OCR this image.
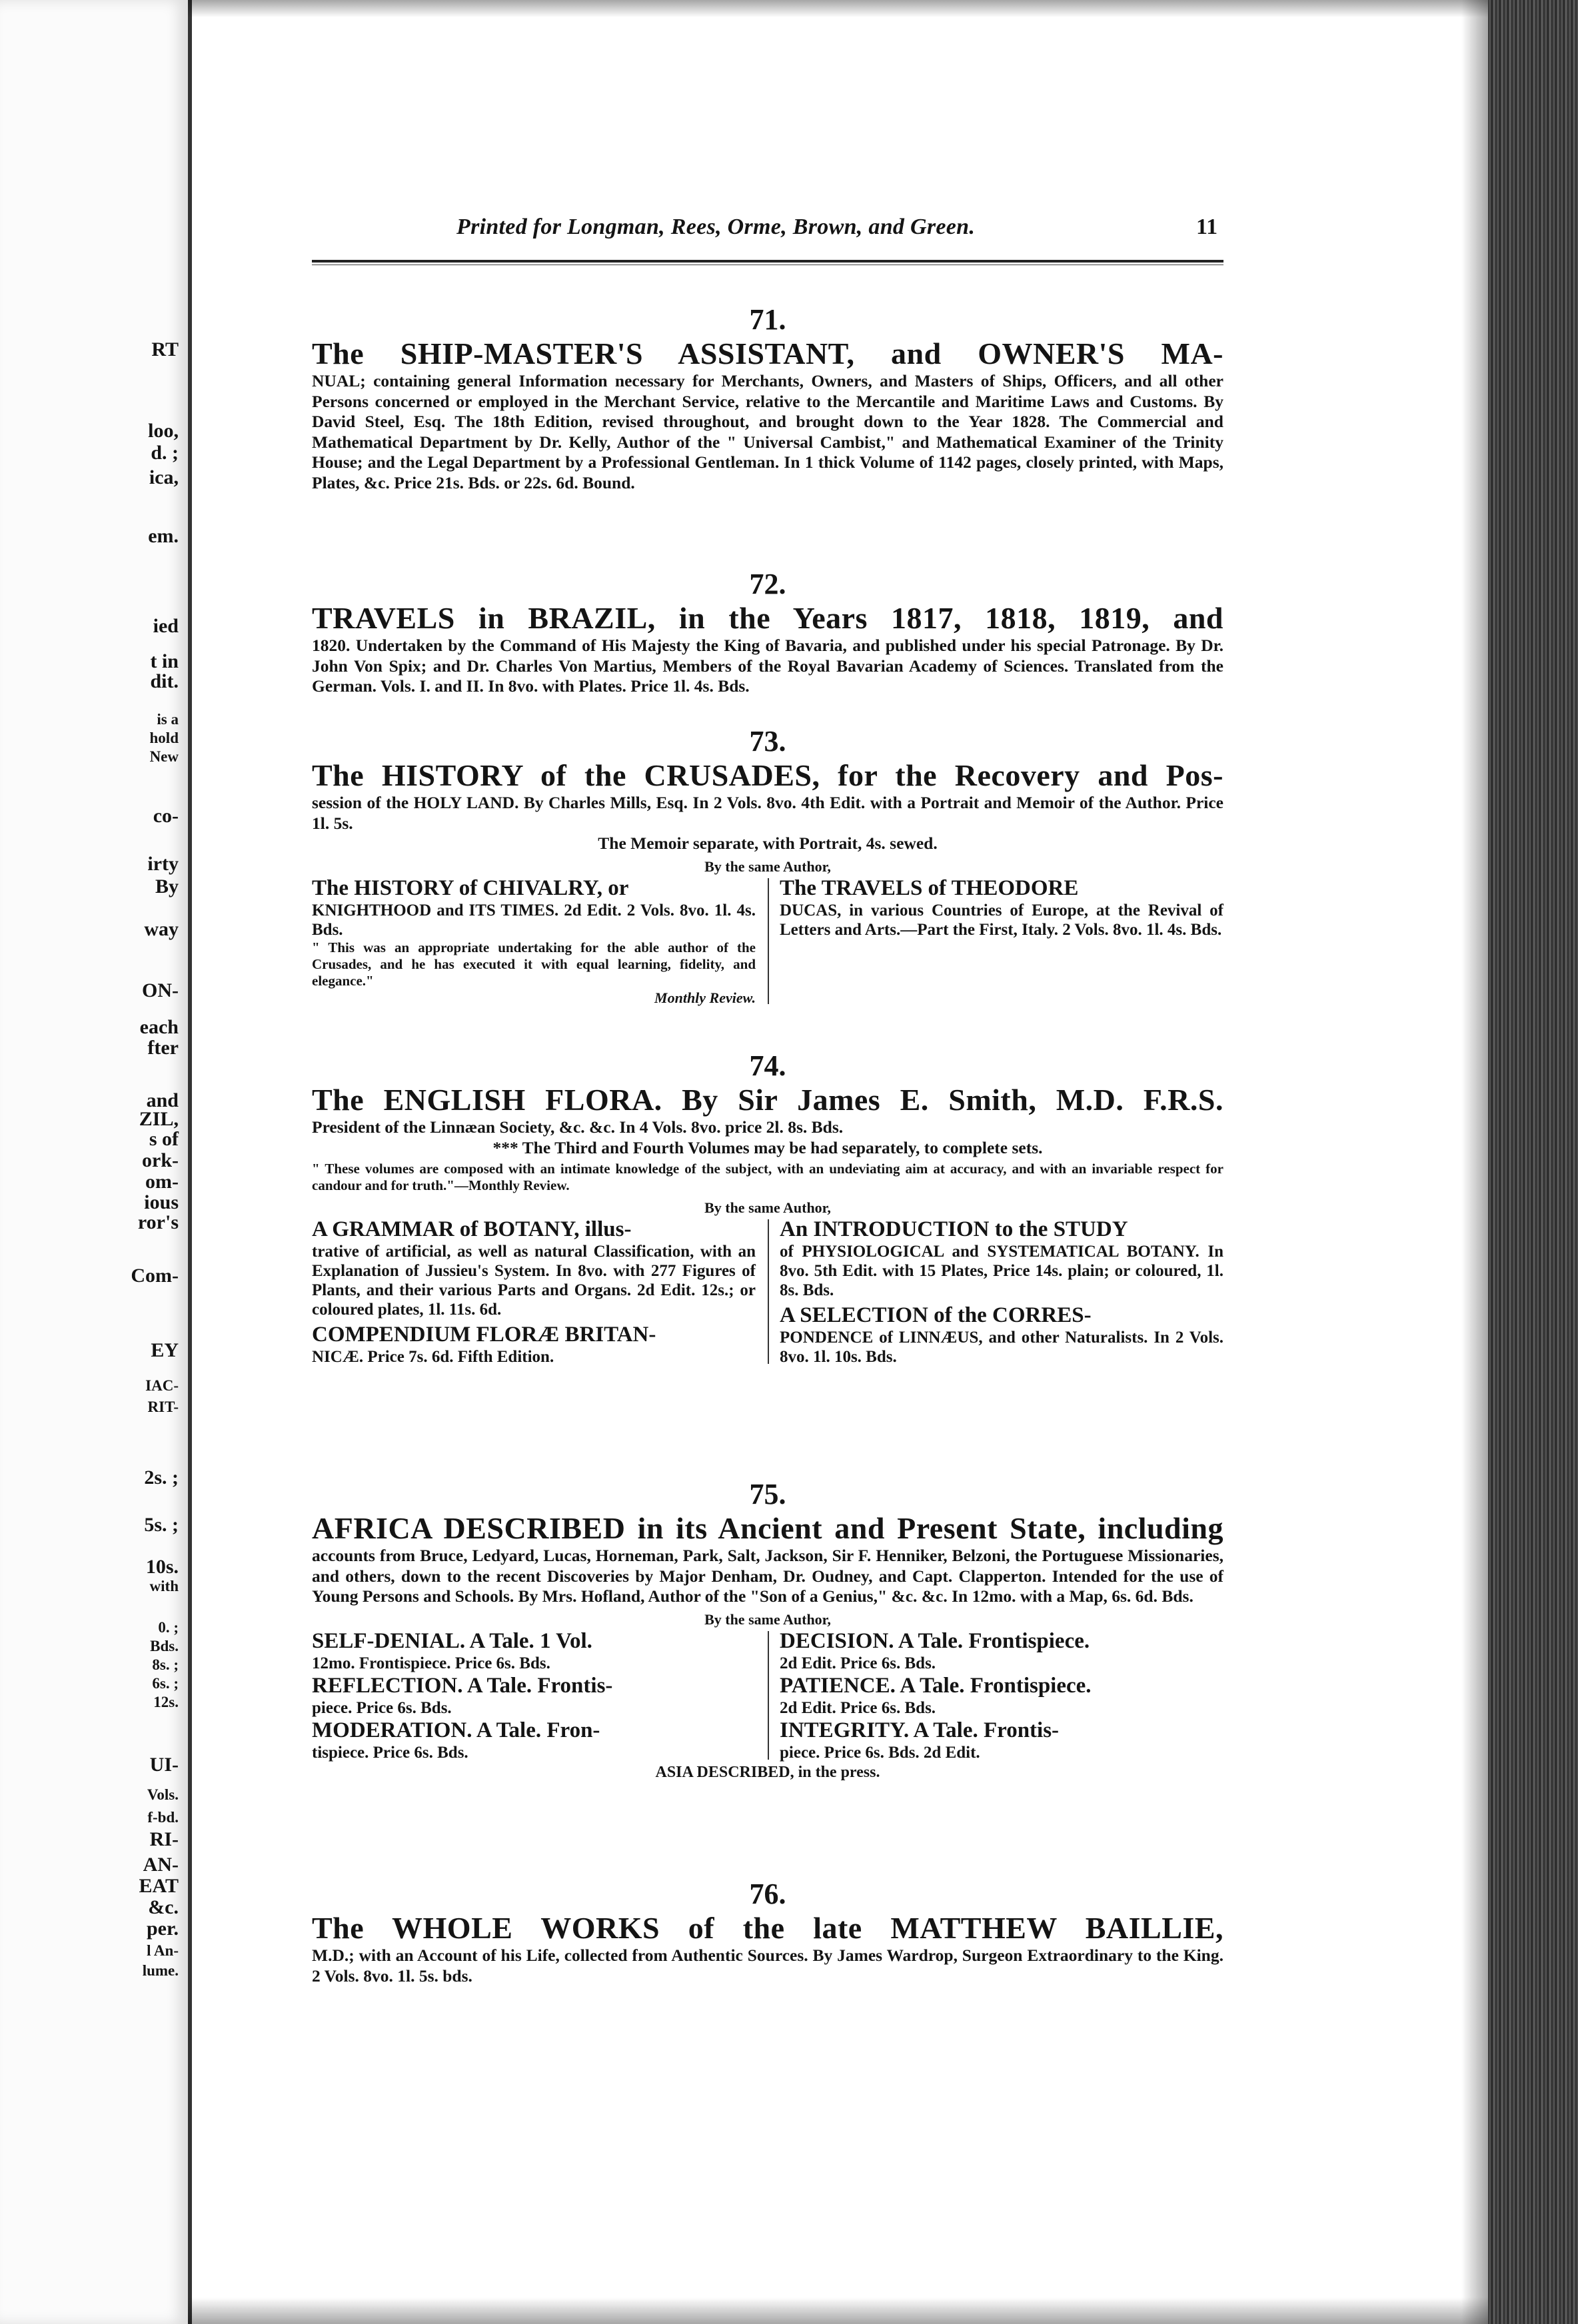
RT
loo,
d. ;
ica,
em.
ied
t in
dit.
is a
hold
New
co-
irty
By
way
ON-
each
fter
and
ZIL,
s of
ork-
om-
ious
ror's
Com-
EY
IAC-
RIT-
2s. ;
5s. ;
10s.
with
0. ;
Bds.
8s. ;
6s. ;
12s.
UI-
Vols.
f-bd.
RI-
AN-
EAT
&c.
per.
l An-
lume.
Printed for Longman, Rees, Orme, Brown, and Green.	11
71.
The SHIP-MASTER'S ASSISTANT, and OWNER'S MA-
NUAL; containing general Information necessary for Merchants, Owners, and Masters of Ships, Officers, and all other Persons concerned or employed in the Merchant Service, relative to the Mercantile and Maritime Laws and Customs. By David Steel, Esq. The 18th Edition, revised throughout, and brought down to the Year 1828. The Commercial and Mathematical Department by Dr. Kelly, Author of the " Universal Cambist," and Mathematical Examiner of the Trinity House; and the Legal Department by a Professional Gentleman. In 1 thick Volume of 1142 pages, closely printed, with Maps, Plates, &c. Price 21s. Bds. or 22s. 6d. Bound.
72.
TRAVELS in BRAZIL, in the Years 1817, 1818, 1819, and
1820. Undertaken by the Command of His Majesty the King of Bavaria, and published under his special Patronage. By Dr. John Von Spix; and Dr. Charles Von Martius, Members of the Royal Bavarian Academy of Sciences. Translated from the German. Vols. I. and II. In 8vo. with Plates. Price 1l. 4s. Bds.
73.
The HISTORY of the CRUSADES, for the Recovery and Pos-
session of the HOLY LAND. By Charles Mills, Esq. In 2 Vols. 8vo. 4th Edit. with a Portrait and Memoir of the Author. Price 1l. 5s.
The Memoir separate, with Portrait, 4s. sewed.
By the same Author,
The HISTORY of CHIVALRY, or
KNIGHTHOOD and ITS TIMES. 2d Edit. 2 Vols. 8vo. 1l. 4s. Bds.
" This was an appropriate undertaking for the able author of the Crusades, and he has executed it with equal learning, fidelity, and elegance."
Monthly Review.
The TRAVELS of THEODORE
DUCAS, in various Countries of Europe, at the Revival of Letters and Arts.—Part the First, Italy. 2 Vols. 8vo. 1l. 4s. Bds.
74.
The ENGLISH FLORA. By Sir James E. Smith, M.D. F.R.S.
President of the Linnæan Society, &c. &c. In 4 Vols. 8vo. price 2l. 8s. Bds.
*** The Third and Fourth Volumes may be had separately, to complete sets.
" These volumes are composed with an intimate knowledge of the subject, with an undeviating aim at accuracy, and with an invariable respect for candour and for truth."—Monthly Review.
By the same Author,
A GRAMMAR of BOTANY, illus-
trative of artificial, as well as natural Classification, with an Explanation of Jussieu's System. In 8vo. with 277 Figures of Plants, and their various Parts and Organs. 2d Edit. 12s.; or coloured plates, 1l. 11s. 6d.
COMPENDIUM FLORÆ BRITAN-
NICÆ. Price 7s. 6d. Fifth Edition.
An INTRODUCTION to the STUDY
of PHYSIOLOGICAL and SYSTEMATICAL BOTANY. In 8vo. 5th Edit. with 15 Plates, Price 14s. plain; or coloured, 1l. 8s. Bds.
A SELECTION of the CORRES-
PONDENCE of LINNÆUS, and other Naturalists. In 2 Vols. 8vo. 1l. 10s. Bds.
75.
AFRICA DESCRIBED in its Ancient and Present State, including
accounts from Bruce, Ledyard, Lucas, Horneman, Park, Salt, Jackson, Sir F. Henniker, Belzoni, the Portuguese Missionaries, and others, down to the recent Discoveries by Major Denham, Dr. Oudney, and Capt. Clapperton. Intended for the use of Young Persons and Schools. By Mrs. Hofland, Author of the "Son of a Genius," &c. &c. In 12mo. with a Map, 6s. 6d. Bds.
By the same Author,
SELF-DENIAL. A Tale. 1 Vol.
12mo. Frontispiece. Price 6s. Bds.
REFLECTION. A Tale. Frontis-
piece. Price 6s. Bds.
MODERATION. A Tale. Fron-
tispiece. Price 6s. Bds.
DECISION. A Tale. Frontispiece.
2d Edit. Price 6s. Bds.
PATIENCE. A Tale. Frontispiece.
2d Edit. Price 6s. Bds.
INTEGRITY. A Tale. Frontis-
piece. Price 6s. Bds. 2d Edit.
ASIA DESCRIBED, in the press.
76.
The WHOLE WORKS of the late MATTHEW BAILLIE,
M.D.; with an Account of his Life, collected from Authentic Sources. By James Wardrop, Surgeon Extraordinary to the King. 2 Vols. 8vo. 1l. 5s. bds.
